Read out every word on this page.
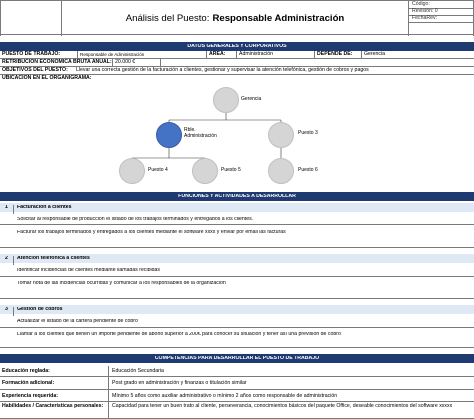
Análisis del Puesto: Responsable Administración
Código:
Revisión: 0
FechaRev:
DATOS GENERALES Y CORPORATIVOS
PUESTO DE TRABAJO:	Responsable de Administración	AREA:	Administración	DEPENDE DE:	Gerencia
RETRIBUCIÓN ECONÓMICA BRUTA ANUAL: 20.000 €
OBJETIVOS DEL PUESTO:	Llevar una correcta gestión de la facturación a clientes, gestionar y supervisar la atención telefónica, gestión de cobros y pagos
UBICACIÓN EN EL ORGANIGRAMA:
Gerencia
Rble.
Administración	Puesto 3
Puesto 4	Puesto 5	Puesto 6
FUNCIONES Y ACTIVIDADES A DESARROLLAR
1	Facturación a clientes
Solicitar al responsable de producción el listado de los trabajos terminados y entregados a los clientes.
Facturar los trabajos terminados y entregados a los clientes mediante el software xxxx y enviar por email las facturas
2	Atención telefónica a clientes
Identificar incidencias de clientes mediante llamadas recibidas
Tomar nota de las incidencias ocurridas y comunicar a los responsables de la organización
3	Gestión de cobros
Actualizar el listado de la cartera pendiente de cobro
Llamar a los clientes que tienen un importe pendiente de abono superior a 200€ para conocer su situación y tener así una previsión de cobro
COMPETENCIAS PARA DESARROLLAR EL PUESTO DE TRABAJO
Educación reglada:	Educación Secundaria
Formación adicional:	Post grado en administración y finanzas o titulación similar
Experiencia requerida:	Mínimo 5 años como auxiliar administrativo o mínimo 2 años como responsable de administración
Habilidades / Características personales:	Capacidad para tener un buen trato al cliente, perseverancia, conocimientos básicos del paquete Office, deseable conocimientos del software xxxxx
